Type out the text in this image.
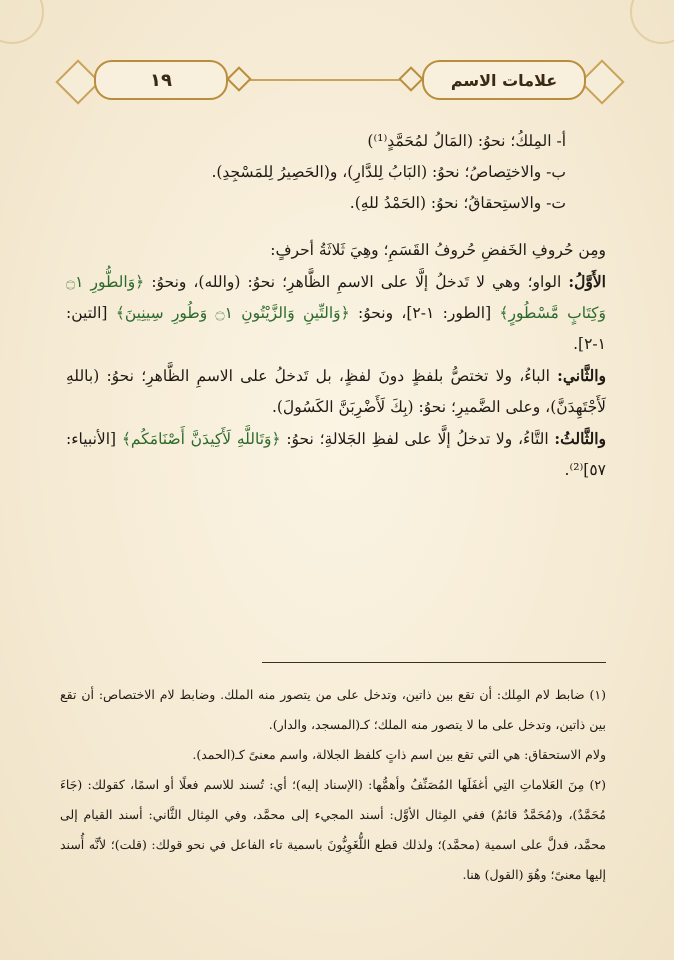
١٩	علامات الاسم

أ- المِلكُ؛ نحوُ: (المَالُ لمُحَمَّدٍ⁽¹⁾)

ب- والاختِصاصُ؛ نحوُ: (البَابُ لِلدَّارِ)، و(الحَصِيرُ لِلمَسْجِدِ).

ت- والاستِحقاقُ؛ نحوُ: (الحَمْدُ للهِ).

ومِن حُروفِ الخَفضِ حُروفُ القَسَمِ؛ وهِيَ ثَلاثَةُ أحرفٍ:

الأَوَّلُ: الواو؛ وهي لا تَدخلُ إلَّا على الاسمِ الظَّاهرِ؛ نحوُ: (والله)، ونحوُ: ﴿وَالطُّورِ ۝١ وَكِتَابٍ مَّسْطُورٍ﴾ [الطور: ١-٢]، ونحوُ: ﴿وَالتِّينِ وَالزَّيْتُونِ ۝١ وَطُورِ سِينِينَ﴾ [التين: ١-٢].

والثَّاني: الباءُ، ولا تختصُّ بلفظٍ دونَ لفظٍ، بل تَدخلُ على الاسمِ الظَّاهرِ؛ نحوُ: (باللهِ لَأَجْتَهِدَنَّ)، وعلى الضَّميرِ؛ نحوُ: (بِكَ لَأَضْرِبَنَّ الكَسُولَ).

والثَّالثُ: التَّاءُ، ولا تدخلُ إلَّا على لفظِ الجَلالةِ؛ نحوُ: ﴿وَتَاللَّهِ لَأَكِيدَنَّ أَصْنَامَكُم﴾ [الأنبياء: ٥٧]⁽²⁾.

(١) ضابط لام المِلك: أن تقع بين ذاتين، وتدخل على من يتصور منه الملك. وضابط لام الاختصاص: أن تقع بين ذاتين، وتدخل على ما لا يتصور منه الملك؛ كـ(المسجد، والدار).

ولام الاستحقاق: هي التي تقع بين اسم ذاتٍ كلفظ الجلالة، واسم معنىً كـ(الحمد).

(٢) مِنَ العَلاماتِ التِي أغفَلَها المُصَنِّفُ وأهمُّها: (الإسناد إليه)؛ أي: تُسند للاسم فعلًا أو اسمًا، كقولك: (جَاءَ مُحَمَّدٌ)، و(مُحَمَّدٌ قائمٌ) ففي المِثال الأوَّل: أسند المجيء إلى محمَّد، وفي المِثال الثَّاني: أسند القيام إلى محمَّد، فدلَّ على اسمية (محمَّد)؛ ولذلك قطع اللُّغَوِيُّونَ باسمية تاء الفاعل في نحو قولك: (قلت)؛ لأنَّه أُسند إليها معنىً؛ وهُوَ (القول) هنا.
